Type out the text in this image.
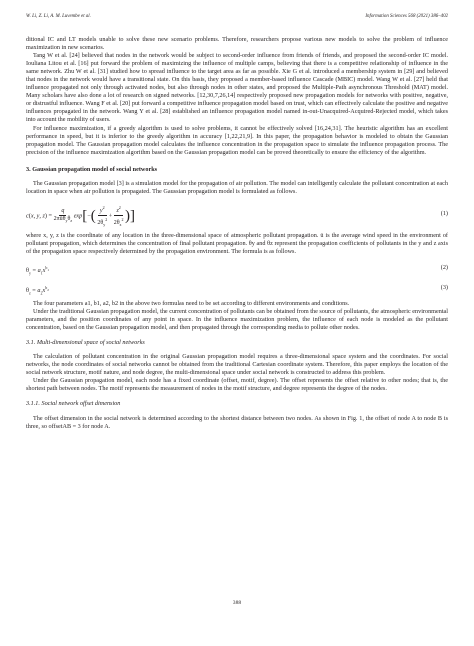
W. Li, Z. Li, A. M. Luvembe et al.	Information Sciences 568 (2021) 386–402

ditional IC and LT models unable to solve these new scenario problems. Therefore, researchers propose various new models to solve the problem of influence maximization in new scenarios.

Tang W et al. [24] believed that nodes in the network would be subject to second-order influence from friends of friends, and proposed the second-order IC model. Iouliana Litou et al. [16] put forward the problem of maximizing the influence of multiple camps, believing that there is a competitive relationship of influence in the same network. Zhu W et al. [31] studied how to spread influence to the target area as far as possible. Xie G et al. introduced a membership system in [29] and believed that nodes in the network would have a transitional state. On this basis, they proposed a member-based influence Cascade (MBIC) model. Wang W et al. [27] held that influence propagated not only through activated nodes, but also through nodes in other states, and proposed the Multiple-Path asynchronous Threshold (MAT) model. Many scholars have also done a lot of research on signed networks. [12,30,7,26,14] respectively proposed new propagation models for networks with positive, negative, or distrustful influence. Wang F et al. [20] put forward a competitive influence propagation model based on trust, which can effectively calculate the positive and negative influences propagated in the network. Wang Y et al. [28] established an influence propagation model named in-out-Unacquired-Acquired-Rejected model, which takes into account the mobility of users.

For influence maximization, if a greedy algorithm is used to solve problems, it cannot be effectively solved [16,24,31]. The heuristic algorithm has an excellent performance in speed, but it is inferior to the greedy algorithm in accuracy [1,22,21,9]. In this paper, the propagation behavior is modeled to obtain the Gaussian propagation model. The Gaussian propagation model calculates the influence concentration in the propagation space to simulate the influence propagation process. The precision of the influence maximization algorithm based on the Gaussian propagation model can be proved theoretically to ensure the efficiency of the algorithm.

3. Gaussian propagation model of social networks

The Gaussian propagation model [3] is a simulation model for the propagation of air pollution. The model can intelligently calculate the pollutant concentration at each location in space when air pollution is propagated. The Gaussian propagation model is formulated as follows.

c(x, y, $z) = \frac{q}{2\pi ū\theta_y\theta_z} \exp[-( \frac{y^2}{2\theta_y^2} + \frac{z^2}{2\theta_z^2}$ )]	(1)

where x, y, z is the coordinate of any location in the three-dimensional space of atmospheric pollutant propagation. ū is the average wind speed in the environment of pollutant propagation, which determines the concentration of final pollutant propagation. θy and θz represent the propagation coefficients of pollutants in the y and z axis of the propagation space respectively determined by the propagation environment. The formula is as follows.

$\theta_y = a_1x^{b_1}$	(2)
$\theta_z = a_2x^{b_2}$	(3)

The four parameters a1, b1, a2, b2 in the above two formulas need to be set according to different environments and conditions.

Under the traditional Gaussian propagation model, the current concentration of pollutants can be obtained from the source of pollutants, the atmospheric environmental parameters, and the position coordinates of any point in space. In the influence maximization problem, the influence of each node is modeled as the pollutant concentration, based on the Gaussian propagation model, and then propagated through the corresponding media to pollute other nodes.

3.1. Multi-dimensional space of social networks

The calculation of pollutant concentration in the original Gaussian propagation model requires a three-dimensional space system and the coordinates. For social networks, the node coordinates of social networks cannot be obtained from the traditional Cartesian coordinate system. Therefore, this paper employs the location of the social network structure, motif nature, and node degree, the multi-dimensional space under social network is constructed to address this problem.

Under the Gaussian propagation model, each node has a fixed coordinate (offset, motif, degree). The offset represents the offset relative to other nodes; that is, the shortest path between nodes. The motif represents the measurement of nodes in the motif structure, and degree represents the degree of the nodes.

3.1.1. Social network offset dimension

The offset dimension in the social network is determined according to the shortest distance between two nodes. As shown in Fig. 1, the offset of node A to node B is three, so offsetAB = 3 for node A.

388
